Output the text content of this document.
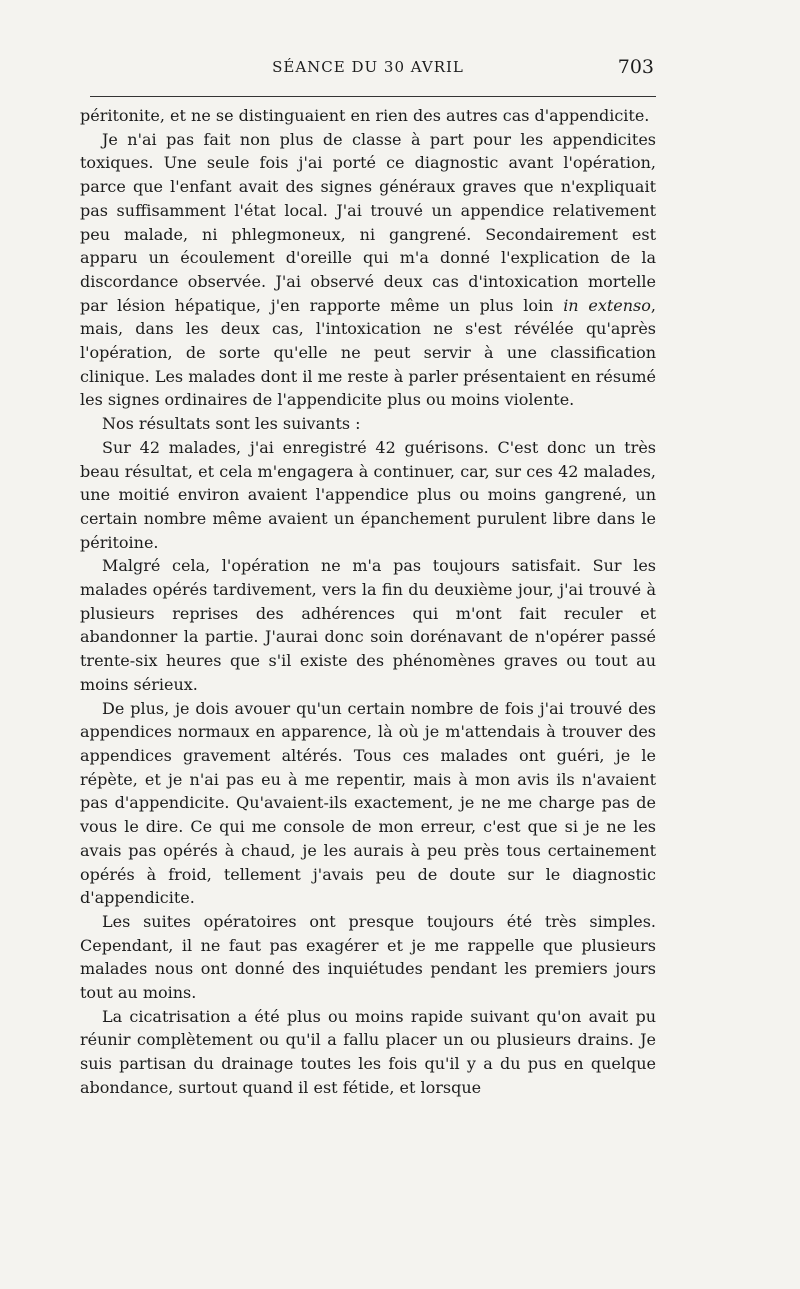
SÉANCE DU 30 AVRIL	703

péritonite, et ne se distinguaient en rien des autres cas d'appendicite.

Je n'ai pas fait non plus de classe à part pour les appendicites toxiques. Une seule fois j'ai porté ce diagnostic avant l'opération, parce que l'enfant avait des signes généraux graves que n'expliquait pas suffisamment l'état local. J'ai trouvé un appendice relativement peu malade, ni phlegmoneux, ni gangrené. Secondairement est apparu un écoulement d'oreille qui m'a donné l'explication de la discordance observée. J'ai observé deux cas d'intoxication mortelle par lésion hépatique, j'en rapporte même un plus loin in extenso, mais, dans les deux cas, l'intoxication ne s'est révélée qu'après l'opération, de sorte qu'elle ne peut servir à une classification clinique. Les malades dont il me reste à parler présentaient en résumé les signes ordinaires de l'appendicite plus ou moins violente.

Nos résultats sont les suivants :

Sur 42 malades, j'ai enregistré 42 guérisons. C'est donc un très beau résultat, et cela m'engagera à continuer, car, sur ces 42 malades, une moitié environ avaient l'appendice plus ou moins gangrené, un certain nombre même avaient un épanchement purulent libre dans le péritoine.

Malgré cela, l'opération ne m'a pas toujours satisfait. Sur les malades opérés tardivement, vers la fin du deuxième jour, j'ai trouvé à plusieurs reprises des adhérences qui m'ont fait reculer et abandonner la partie. J'aurai donc soin dorénavant de n'opérer passé trente-six heures que s'il existe des phénomènes graves ou tout au moins sérieux.

De plus, je dois avouer qu'un certain nombre de fois j'ai trouvé des appendices normaux en apparence, là où je m'attendais à trouver des appendices gravement altérés. Tous ces malades ont guéri, je le répète, et je n'ai pas eu à me repentir, mais à mon avis ils n'avaient pas d'appendicite. Qu'avaient-ils exactement, je ne me charge pas de vous le dire. Ce qui me console de mon erreur, c'est que si je ne les avais pas opérés à chaud, je les aurais à peu près tous certainement opérés à froid, tellement j'avais peu de doute sur le diagnostic d'appendicite.

Les suites opératoires ont presque toujours été très simples. Cependant, il ne faut pas exagérer et je me rappelle que plusieurs malades nous ont donné des inquiétudes pendant les premiers jours tout au moins.

La cicatrisation a été plus ou moins rapide suivant qu'on avait pu réunir complètement ou qu'il a fallu placer un ou plusieurs drains. Je suis partisan du drainage toutes les fois qu'il y a du pus en quelque abondance, surtout quand il est fétide, et lorsque
